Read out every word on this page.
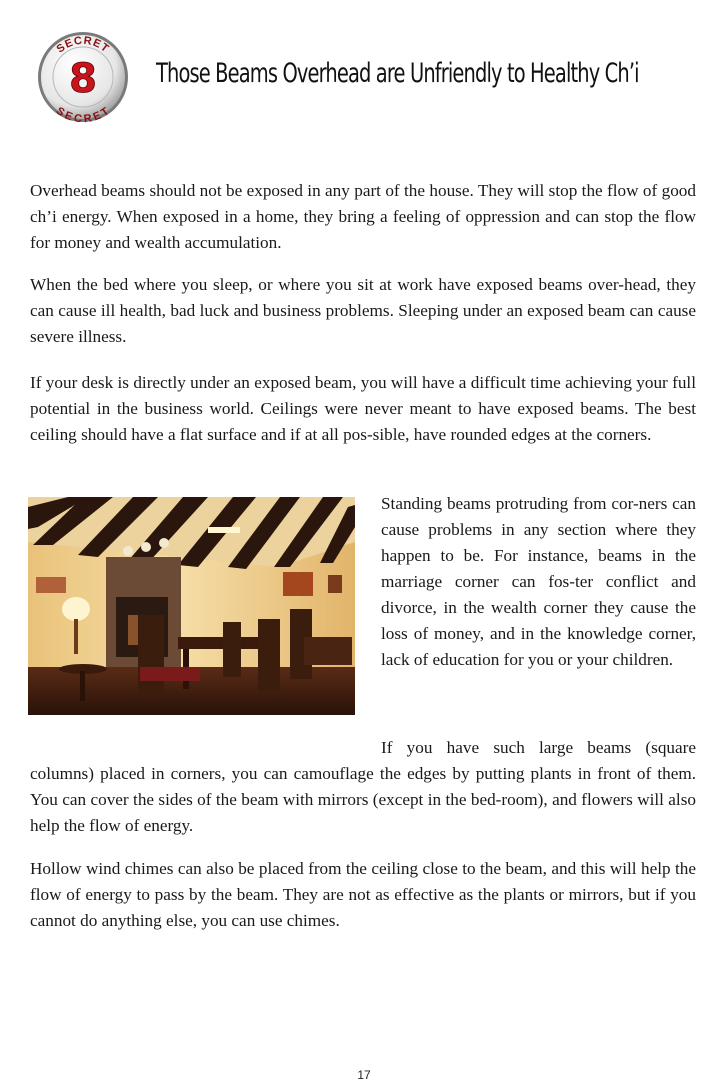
SECRET
SECRET
8 Those Beams Overhead are Unfriendly to Healthy Ch’i

Overhead beams should not be exposed in any part of the house. They will stop the flow of good ch’i energy. When exposed in a home, they bring a feeling of oppression and can stop the flow for money and wealth accumulation.

When the bed where you sleep, or where you sit at work have exposed beams over-head, they can cause ill health, bad luck and business problems. Sleeping under an exposed beam can cause severe illness.

If your desk is directly under an exposed beam, you will have a difficult time achieving your full potential in the business world. Ceilings were never meant to have exposed beams. The best ceiling should have a flat surface and if at all pos-sible, have rounded edges at the corners.

Standing beams protruding from cor-ners can cause problems in any section where they happen to be. For instance, beams in the marriage corner can fos-ter conflict and divorce, in the wealth corner they cause the loss of money, and in the knowledge corner, lack of education for you or your children.

If you have such large beams (square columns) placed in corners, you can camouflage the edges by putting plants in front of them. You can cover the sides of the beam with mirrors (except in the bed-room), and flowers will also help the flow of energy.

Hollow wind chimes can also be placed from the ceiling close to the beam, and this will help the flow of energy to pass by the beam. They are not as effective as the plants or mirrors, but if you cannot do anything else, you can use chimes.

17
